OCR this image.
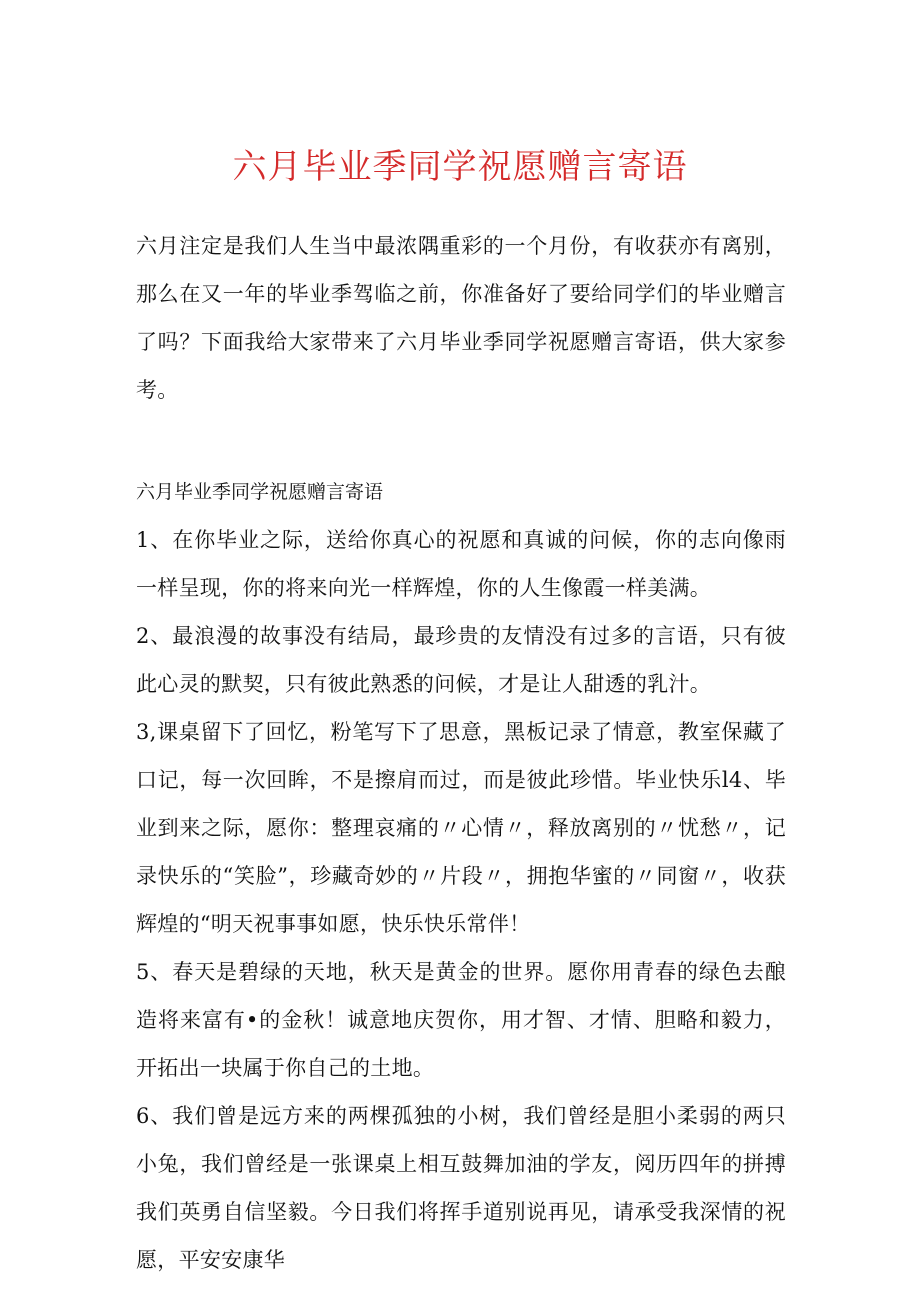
六月毕业季同学祝愿赠言寄语

六月注定是我们人生当中最浓隅重彩的一个月份，有收获亦有离别，那么在又一年的毕业季驾临之前，你准备好了要给同学们的毕业赠言了吗？下面我给大家带来了六月毕业季同学祝愿赠言寄语，供大家参考。

六月毕业季同学祝愿赠言寄语

1、在你毕业之际，送给你真心的祝愿和真诚的问候，你的志向像雨一样呈现，你的将来向光一样辉煌，你的人生像霞一样美满。

2、最浪漫的故事没有结局，最珍贵的友情没有过多的言语，只有彼此心灵的默契，只有彼此熟悉的问候，才是让人甜透的乳汁。

3,课桌留下了回忆，粉笔写下了思意，黑板记录了情意，教室保藏了口记，每一次回眸，不是擦肩而过，而是彼此珍惜。毕业快乐l4、毕业到来之际，愿你：整理哀痛的〃心情〃，释放离别的〃忧愁〃，记录快乐的“笑脸”，珍藏奇妙的〃片段〃，拥抱华蜜的〃同窗〃，收获辉煌的“明天祝事事如愿，快乐快乐常伴！

5、春天是碧绿的天地，秋天是黄金的世界。愿你用青春的绿色去酿造将来富有•的金秋！诚意地庆贺你，用才智、才情、胆略和毅力，开拓出一块属于你自己的土地。

6、我们曾是远方来的两棵孤独的小树，我们曾经是胆小柔弱的两只小兔，我们曾经是一张课桌上相互鼓舞加油的学友，阅历四年的拼搏我们英勇自信坚毅。今日我们将挥手道别说再见，请承受我深情的祝愿，平安安康华
